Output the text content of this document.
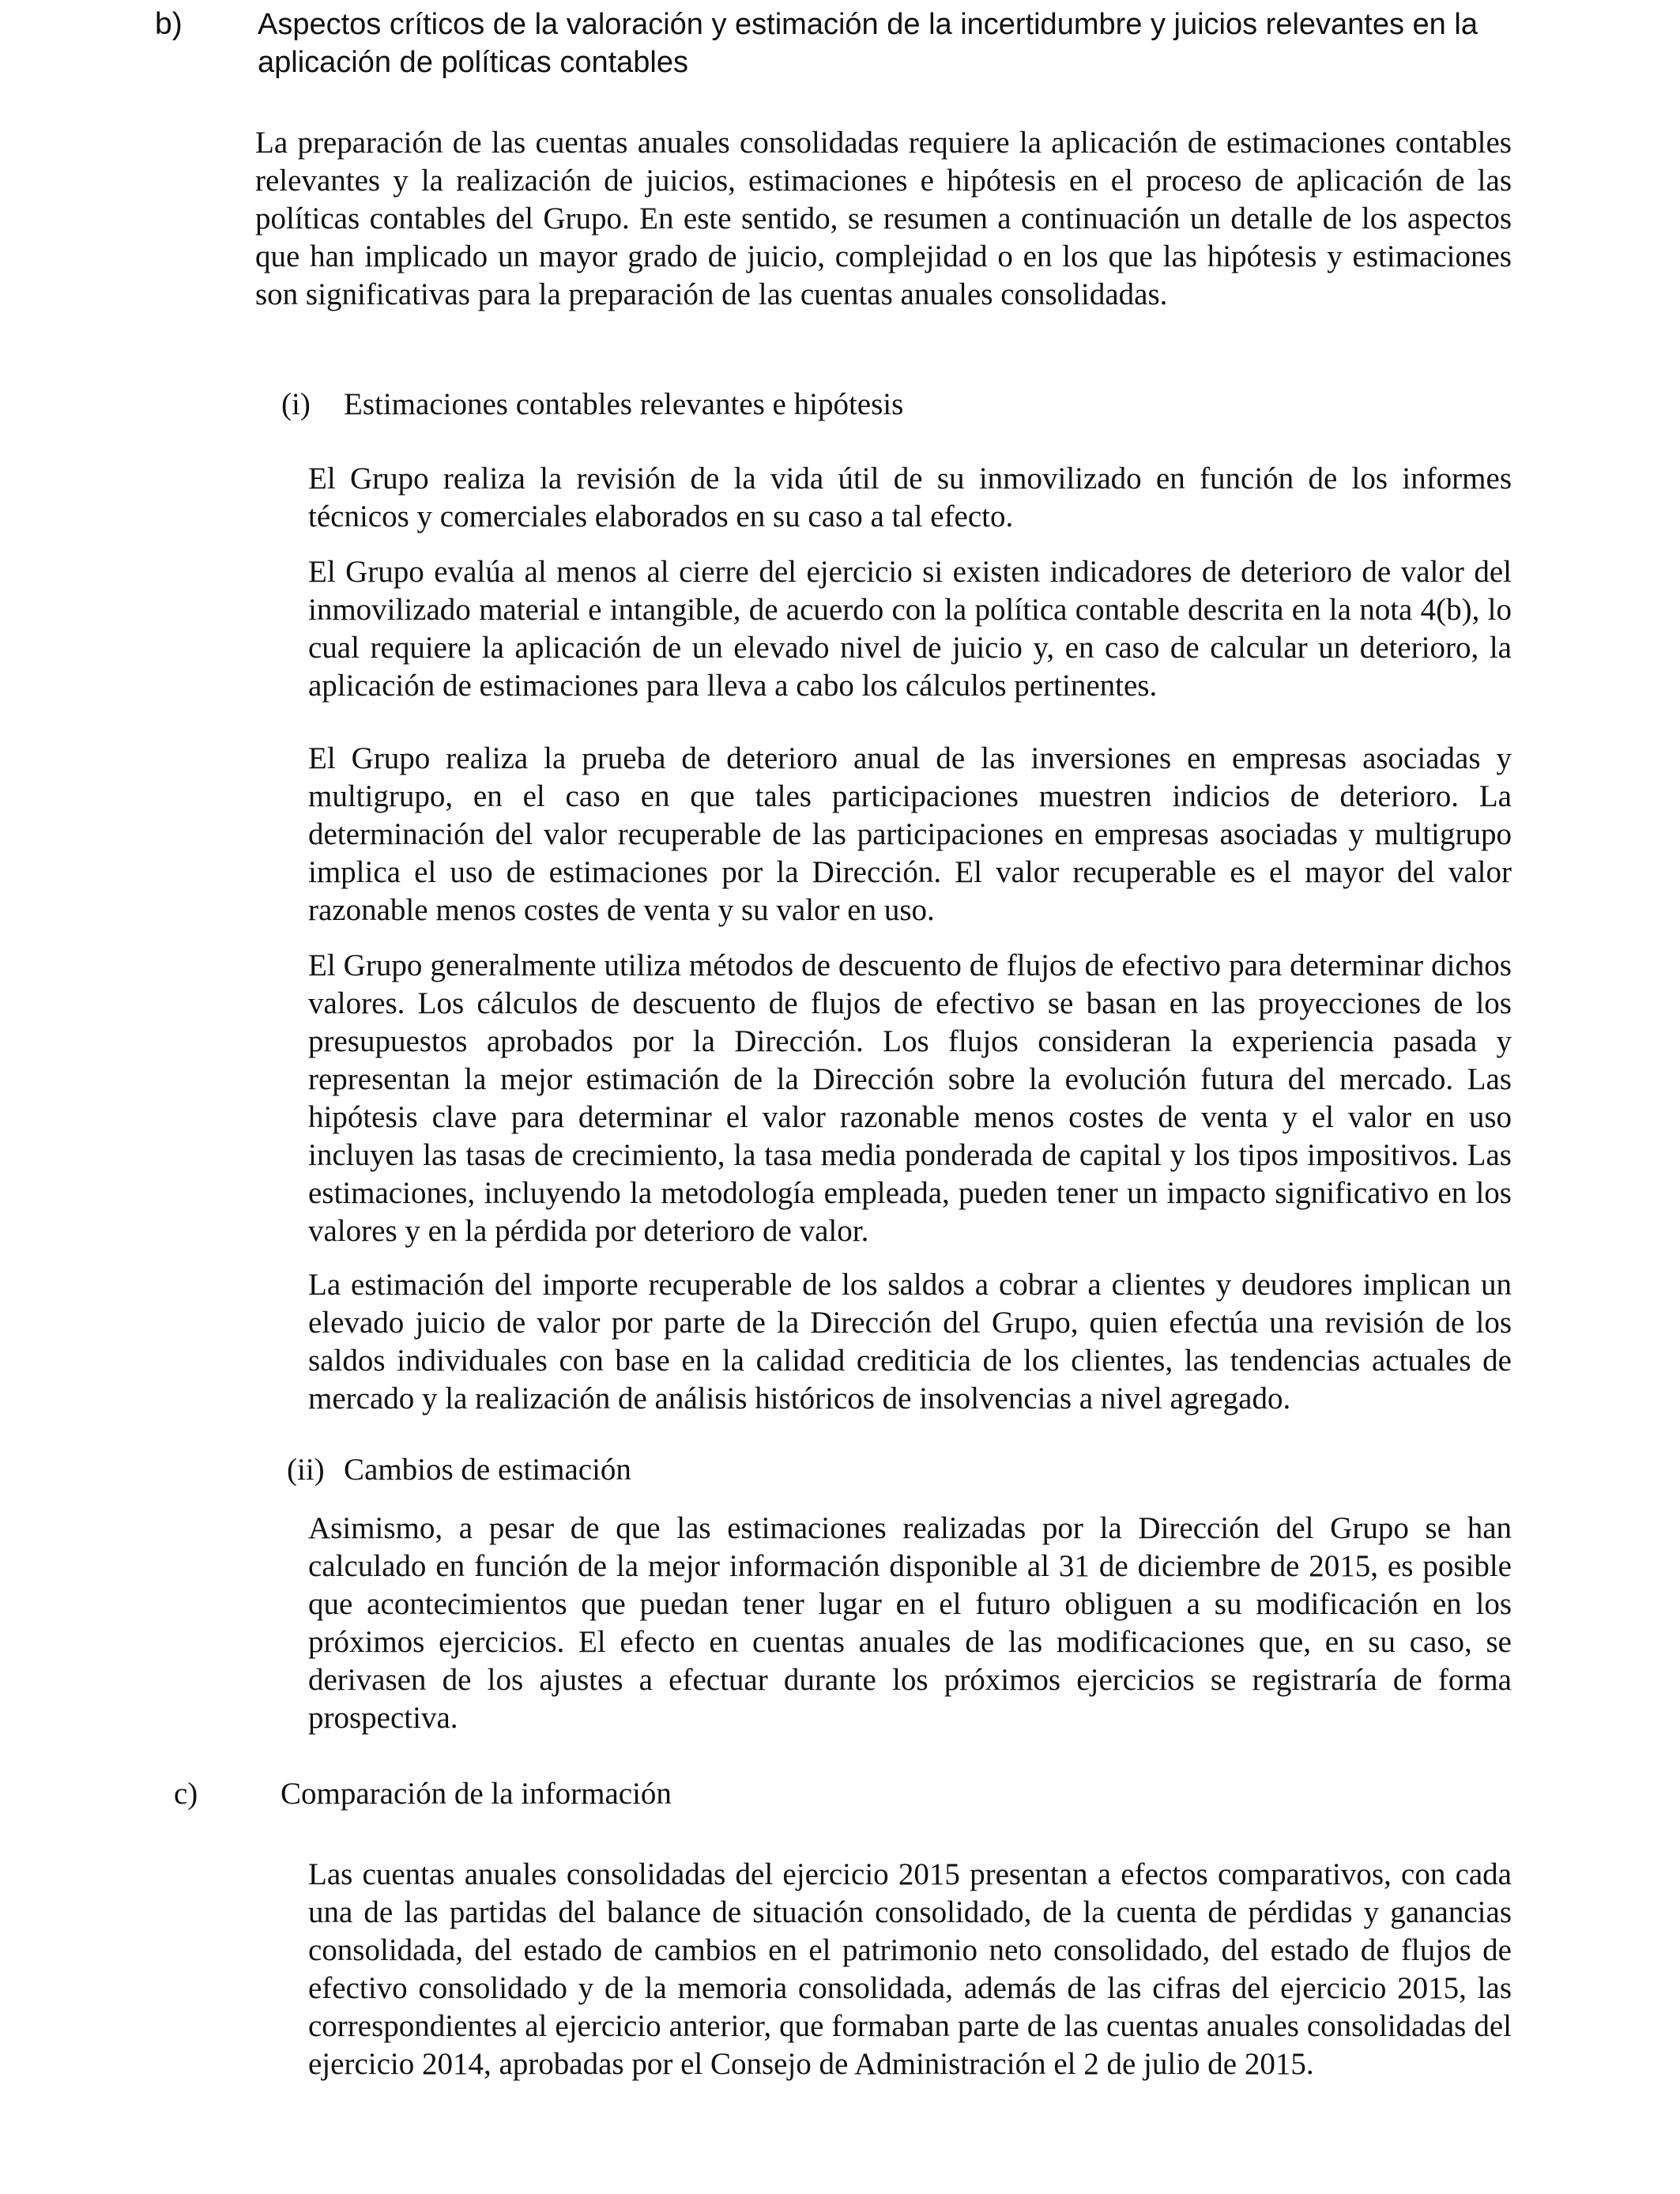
b)	Aspectos críticos de la valoración y estimación de la incertidumbre y juicios relevantes en la aplicación de políticas contables

La preparación de las cuentas anuales consolidadas requiere la aplicación de estimaciones contables relevantes y la realización de juicios, estimaciones e hipótesis en el proceso de aplicación de las políticas contables del Grupo. En este sentido, se resumen a continuación un detalle de los aspectos que han implicado un mayor grado de juicio, complejidad o en los que las hipótesis y estimaciones son significativas para la preparación de las cuentas anuales consolidadas.

(i) Estimaciones contables relevantes e hipótesis

El Grupo realiza la revisión de la vida útil de su inmovilizado en función de los informes técnicos y comerciales elaborados en su caso a tal efecto.

El Grupo evalúa al menos al cierre del ejercicio si existen indicadores de deterioro de valor del inmovilizado material e intangible, de acuerdo con la política contable descrita en la nota 4(b), lo cual requiere la aplicación de un elevado nivel de juicio y, en caso de calcular un deterioro, la aplicación de estimaciones para lleva a cabo los cálculos pertinentes.

El Grupo realiza la prueba de deterioro anual de las inversiones en empresas asociadas y multigrupo, en el caso en que tales participaciones muestren indicios de deterioro. La determinación del valor recuperable de las participaciones en empresas asociadas y multigrupo implica el uso de estimaciones por la Dirección. El valor recuperable es el mayor del valor razonable menos costes de venta y su valor en uso.

El Grupo generalmente utiliza métodos de descuento de flujos de efectivo para determinar dichos valores. Los cálculos de descuento de flujos de efectivo se basan en las proyecciones de los presupuestos aprobados por la Dirección. Los flujos consideran la experiencia pasada y representan la mejor estimación de la Dirección sobre la evolución futura del mercado. Las hipótesis clave para determinar el valor razonable menos costes de venta y el valor en uso incluyen las tasas de crecimiento, la tasa media ponderada de capital y los tipos impositivos. Las estimaciones, incluyendo la metodología empleada, pueden tener un impacto significativo en los valores y en la pérdida por deterioro de valor.

La estimación del importe recuperable de los saldos a cobrar a clientes y deudores implican un elevado juicio de valor por parte de la Dirección del Grupo, quien efectúa una revisión de los saldos individuales con base en la calidad crediticia de los clientes, las tendencias actuales de mercado y la realización de análisis históricos de insolvencias a nivel agregado.

(ii) Cambios de estimación

Asimismo, a pesar de que las estimaciones realizadas por la Dirección del Grupo se han calculado en función de la mejor información disponible al 31 de diciembre de 2015, es posible que acontecimientos que puedan tener lugar en el futuro obliguen a su modificación en los próximos ejercicios. El efecto en cuentas anuales de las modificaciones que, en su caso, se derivasen de los ajustes a efectuar durante los próximos ejercicios se registraría de forma prospectiva.

c)	Comparación de la información

Las cuentas anuales consolidadas del ejercicio 2015 presentan a efectos comparativos, con cada una de las partidas del balance de situación consolidado, de la cuenta de pérdidas y ganancias consolidada, del estado de cambios en el patrimonio neto consolidado, del estado de flujos de efectivo consolidado y de la memoria consolidada, además de las cifras del ejercicio 2015, las correspondientes al ejercicio anterior, que formaban parte de las cuentas anuales consolidadas del ejercicio 2014, aprobadas por el Consejo de Administración el 2 de julio de 2015.
